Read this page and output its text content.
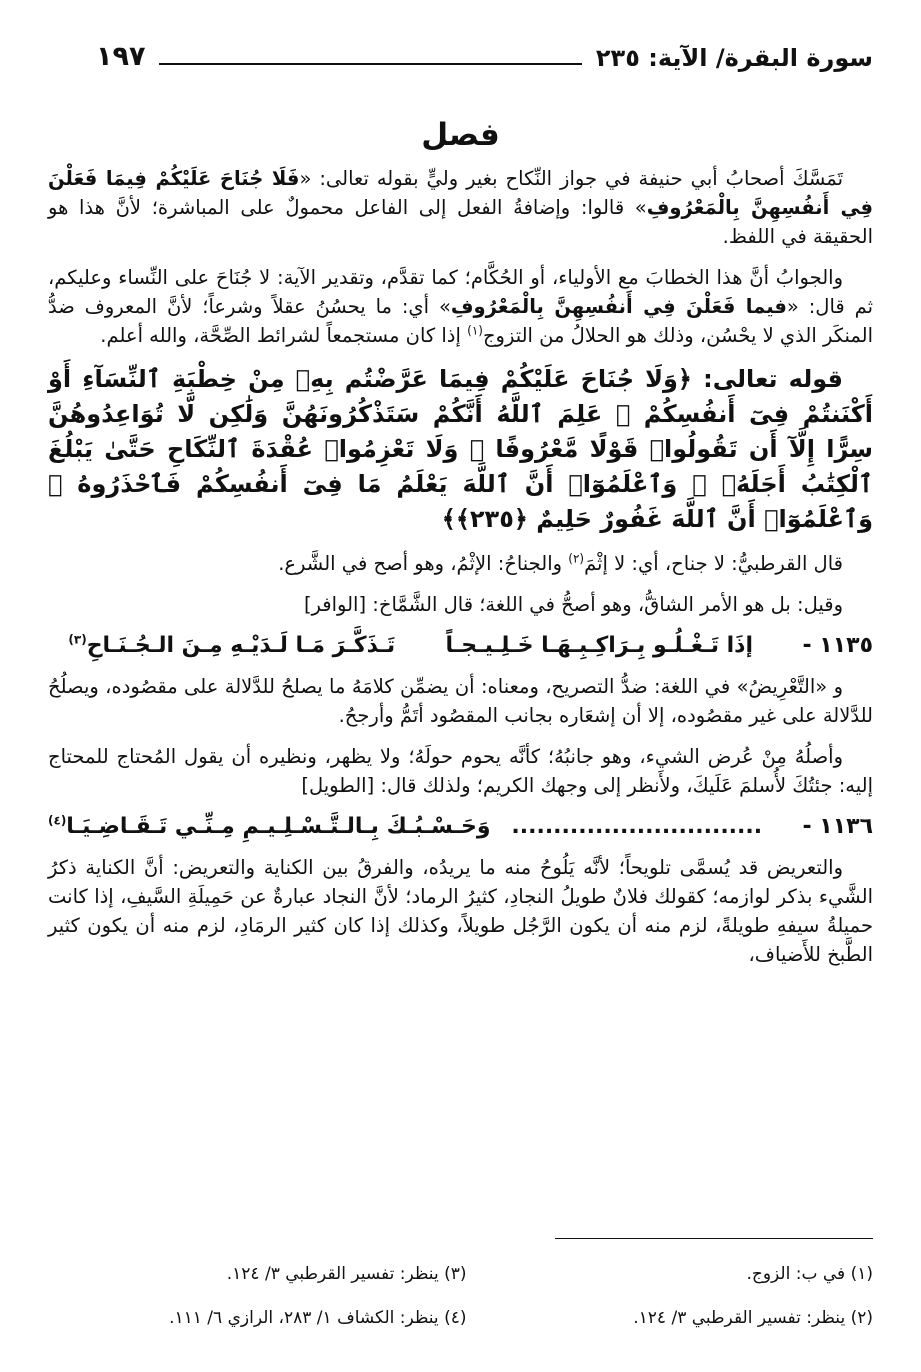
سورة البقرة/ الآية: ٢٣٥
١٩٧
فصل

تَمَسَّكَ أصحابُ أبي حنيفة في جواز النِّكاح بغير وليٍّ بقوله تعالى: «فَلَا جُنَاحَ عَلَيْكُمْ فِيمَا فَعَلْنَ فِي أَنفُسِهِنَّ بِالْمَعْرُوفِ» قالوا: وإضافةُ الفعل إلى الفاعل محمولٌ على المباشرة؛ لأنَّ هذا هو الحقيقة في اللفظ.

والجوابُ أنَّ هذا الخطابَ مع الأولياء، أو الحُكَّام؛ كما تقدَّم، وتقدير الآية: لا جُنَاحَ على النِّساء وعليكم، ثم قال: «فيما فَعَلْنَ فِي أَنفُسِهِنَّ بِالْمَعْرُوفِ» أي: ما يحسُنُ عقلاً وشرعاً؛ لأنَّ المعروف ضدُّ المنكَر الذي لا يحْسُن، وذلك هو الحلالُ من التزوج$^{(١)}$ إذا كان مستجمعاً لشرائط الصِّحَّة، والله أعلم.

قوله تعالى: ﴿وَلَا جُنَاحَ عَلَيْكُمْ فِيمَا عَرَّضْتُم بِهِۦ مِنْ خِطْبَةِ ٱلنِّسَآءِ أَوْ أَكْنَنتُمْ فِىٓ أَنفُسِكُمْ ۚ عَلِمَ ٱللَّهُ أَنَّكُمْ سَتَذْكُرُونَهُنَّ وَلَٰكِن لَّا تُوَاعِدُوهُنَّ سِرًّا إِلَّآ أَن تَقُولُوا۟ قَوْلًا مَّعْرُوفًا ۚ وَلَا تَعْزِمُوا۟ عُقْدَةَ ٱلنِّكَاحِ حَتَّىٰ يَبْلُغَ ٱلْكِتَٰبُ أَجَلَهُۥ ۚ وَٱعْلَمُوٓا۟ أَنَّ ٱللَّهَ يَعْلَمُ مَا فِىٓ أَنفُسِكُمْ فَٱحْذَرُوهُ ۚ وَٱعْلَمُوٓا۟ أَنَّ ٱللَّهَ غَفُورٌ حَلِيمٌ ﴿٢٣٥﴾﴾

قال القرطبيُّ: لا جناح، أي: لا إثْمَ$^{(٢)}$ والجناحُ: الإثْمُ، وهو أصح في الشَّرع.

وقيل: بل هو الأمر الشاقُّ، وهو أصحُّ في اللغة؛ قال الشَّمَّاخ: [الوافر]

١١٣٥ -
إذَا تَـغْـلُـو بِـرَاكِـبِـهَـا خَـلِـيـجـاً
تَـذَكَّـرَ مَـا لَـدَيْـهِ مِـنَ الـجُـنَـاحِ$^{(٣)}$

و «التَّعْرِيضُ» في اللغة: ضدُّ التصريح، ومعناه: أن يضمِّن كلامَهُ ما يصلحُ للدَّلالة على مقصُوده، ويصلُحُ للدَّلالة على غير مقصُوده، إلا أن إشعَاره بجانب المقصُود أتَمُّ وأرجحُ.

وأصلُهُ مِنْ عُرض الشيء، وهو جانبُهُ؛ كأنَّه يحوم حولَهُ؛ ولا يظهر، ونظيره أن يقول المُحتاج للمحتاج إليه: جئتُكَ لأُسلمَ عَلَيكَ، ولأَنظر إلى وجهك الكريم؛ ولذلك قال: [الطويل]

١١٣٦ -
..............................
وَحَـسْـبُـكَ بِـالـتَّـسْـلِـيـمِ مِـنِّـي تَـقَـاضِـيَـا$^{(٤)}$

والتعريض قد يُسمَّى تلويحاً؛ لأنَّه يَلُوحُ منه ما يريدُه، والفرقُ بين الكناية والتعريض: أنَّ الكناية ذكرُ الشَّيء بذكر لوازمه؛ كقولك فلانٌ طويلُ النجادِ، كثيرُ الرماد؛ لأنَّ النجاد عبارةٌ عن حَمِيلَةِ السَّيفِ، إذا كانت حميلةُ سيفهِ طويلةً، لزم منه أن يكون الرَّجُل طويلاً، وكذلك إذا كان كثير الرمَادِ، لزم منه أن يكون كثير الطَّبخ للأَضياف،

(١) في ب: الزوج.
(٣) ينظر: تفسير القرطبي ٣/ ١٢٤.
(٢) ينظر: تفسير القرطبي ٣/ ١٢٤.
(٤) ينظر: الكشاف ١/ ٢٨٣، الرازي ٦/ ١١١.
